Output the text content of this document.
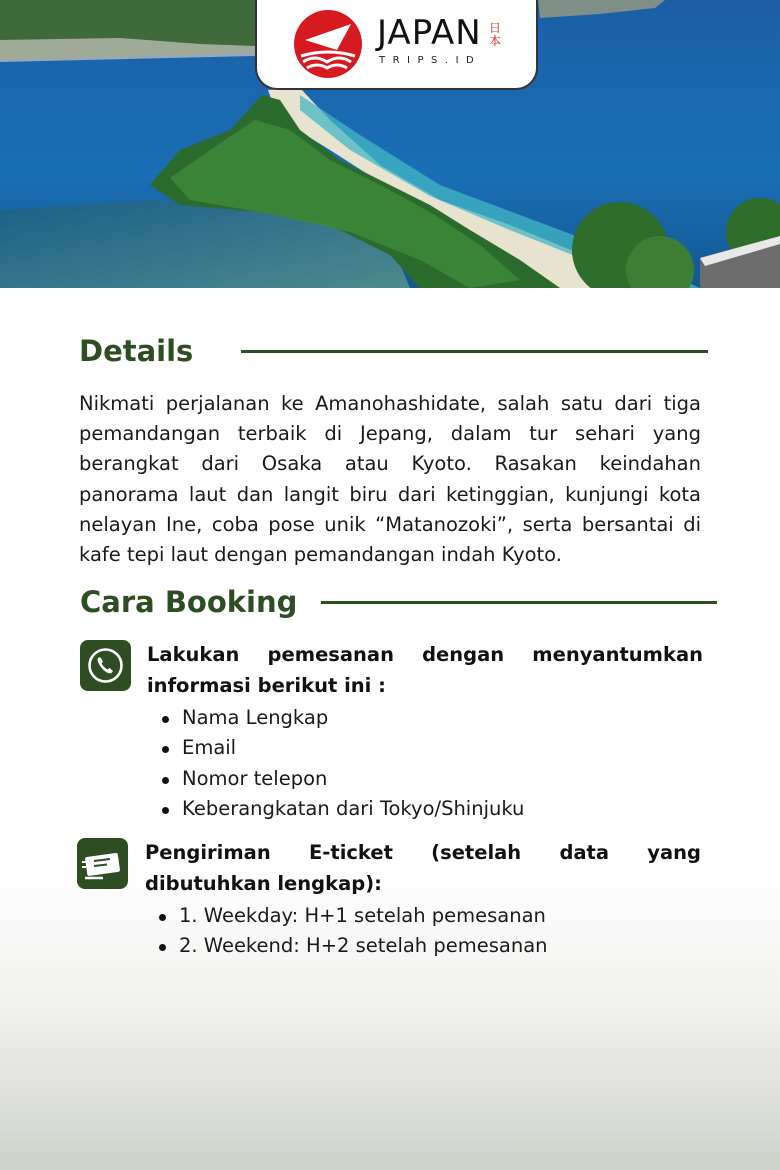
JAPAN
TRIPS.ID
日本
Details
Nikmati perjalanan ke Amanohashidate, salah satu dari tiga pemandangan terbaik di Jepang, dalam tur sehari yang berangkat dari Osaka atau Kyoto. Rasakan keindahan panorama laut dan langit biru dari ketinggian, kunjungi kota nelayan Ine, coba pose unik “Matanozoki”, serta bersantai di kafe tepi laut dengan pemandangan indah Kyoto.
Cara Booking
Lakukan pemesanan dengan menyantumkan informasi berikut ini :
Nama Lengkap
Email
Nomor telepon
Keberangkatan dari Tokyo/Shinjuku
Pengiriman E-ticket (setelah data yang dibutuhkan lengkap):
1. Weekday: H+1 setelah pemesanan
2. Weekend: H+2 setelah pemesanan
